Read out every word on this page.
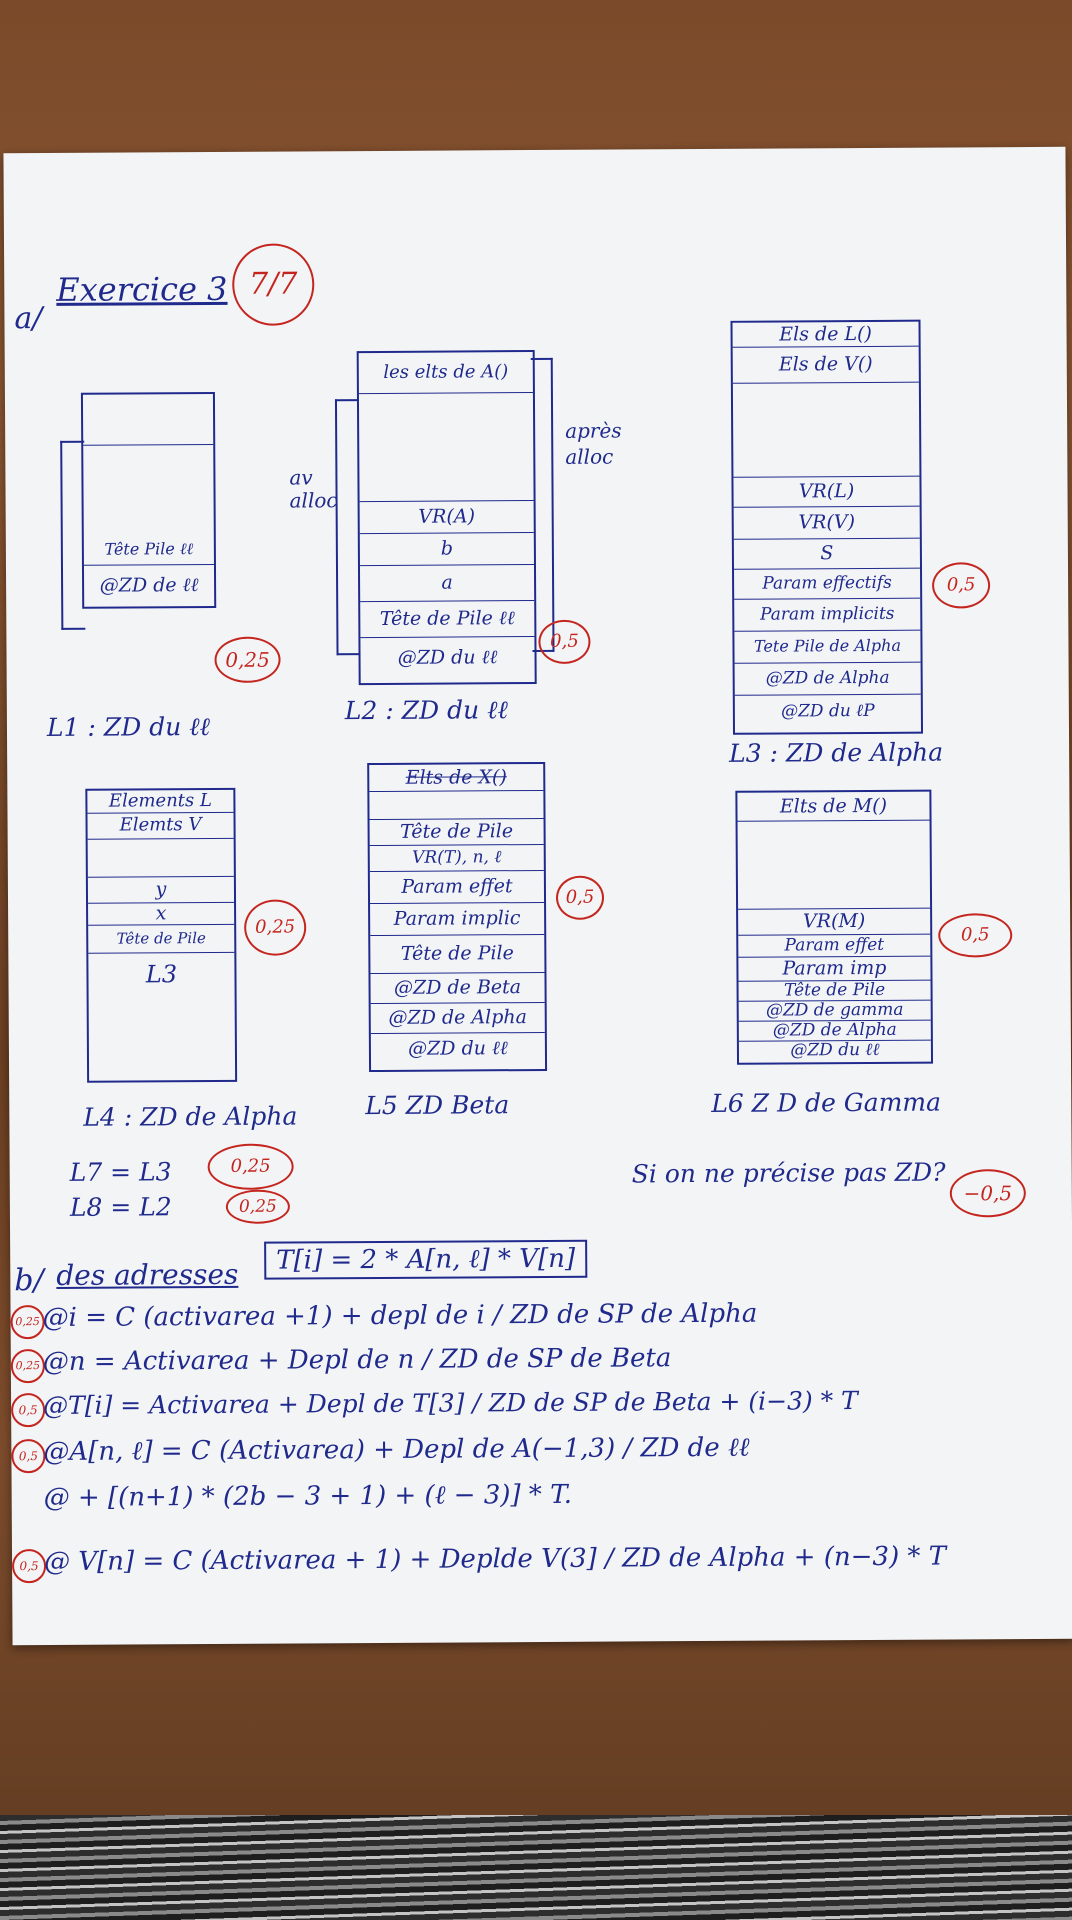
Exercice 3
a/
7/7
Tête Pile ℓℓ
@ZD de ℓℓ
0,25
L1 : ZD du ℓℓ
les elts de A()
VR(A)
b
a
Tête de Pile ℓℓ
@ZD du ℓℓ
av alloc
après alloc
0,5
L2 : ZD du ℓℓ
Els de L()
Els de V()
VR(L)
VR(V)
S
Param effectifs
Param implicits
Tete Pile de Alpha
@ZD de Alpha
@ZD du ℓP
0,5
L3 : ZD de Alpha
Elements L
Elemts V
y
x
Tête de Pile
L3
0,25
L4 : ZD de Alpha
Elts de X()
Tête de Pile
VR(T), n, ℓ
Param effet
Param implic
Tête de Pile
@ZD de Beta
@ZD de Alpha
@ZD du ℓℓ
0,5
L5 ZD Beta
Elts de M()
VR(M)
Param effet
Param imp
Tête de Pile
@ZD de gamma
@ZD de Alpha
@ZD du ℓℓ
0,5
L6 Z D de Gamma
L7 = L3	0,25
L8 = L2	0,25
Si on ne précise pas ZD?
−0,5
b/ des adresses	T[i] = 2 * A[n, ℓ] * V[n]
0,25 @i = C (activarea +1) + depl de i / ZD de SP de Alpha
0,25 @n = Activarea + Depl de n / ZD de SP de Beta
0,5 @T[i] = Activarea + Depl de T[3] / ZD de SP de Beta + (i−3) * T
0,5 @A[n, ℓ] = C (Activarea) + Depl de A(−1,3) / ZD de ℓℓ
@ + [(n+1) * (2b − 3 + 1) + (ℓ − 3)] * T.
0,5 @ V[n] = C (Activarea + 1) + Deplde V(3] / ZD de Alpha + (n−3) * T
